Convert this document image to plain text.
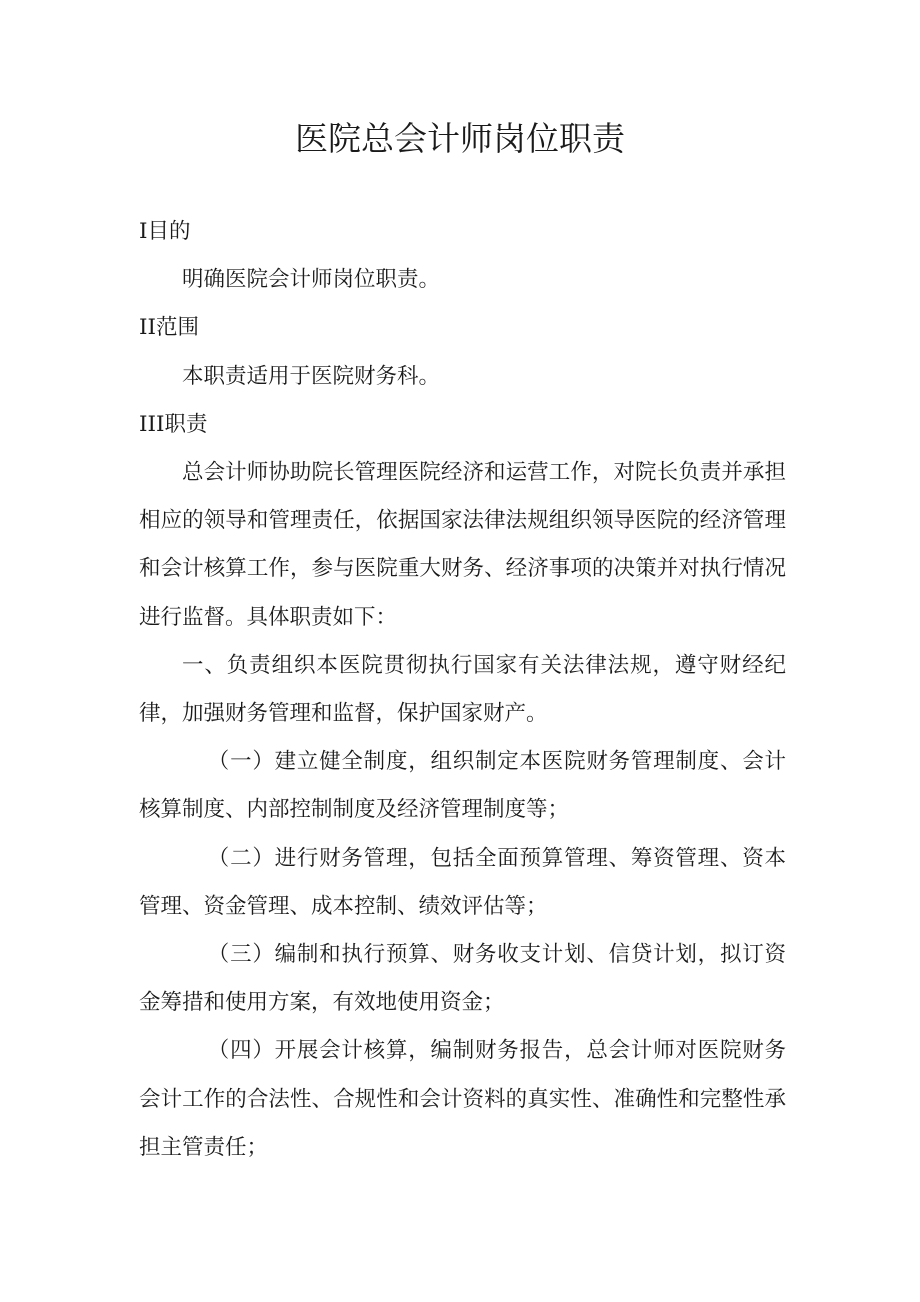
医院总会计师岗位职责

I目的

明确医院会计师岗位职责。

II范围

本职责适用于医院财务科。

III职责

总会计师协助院长管理医院经济和运营工作，对院长负责并承担相应的领导和管理责任，依据国家法律法规组织领导医院的经济管理和会计核算工作，参与医院重大财务、经济事项的决策并对执行情况进行监督。具体职责如下：

一、负责组织本医院贯彻执行国家有关法律法规，遵守财经纪律，加强财务管理和监督，保护国家财产。

（一）建立健全制度，组织制定本医院财务管理制度、会计核算制度、内部控制制度及经济管理制度等；

（二）进行财务管理，包括全面预算管理、筹资管理、资本管理、资金管理、成本控制、绩效评估等；

（三）编制和执行预算、财务收支计划、信贷计划，拟订资金筹措和使用方案，有效地使用资金；

（四）开展会计核算，编制财务报告，总会计师对医院财务会计工作的合法性、合规性和会计资料的真实性、准确性和完整性承担主管责任；
